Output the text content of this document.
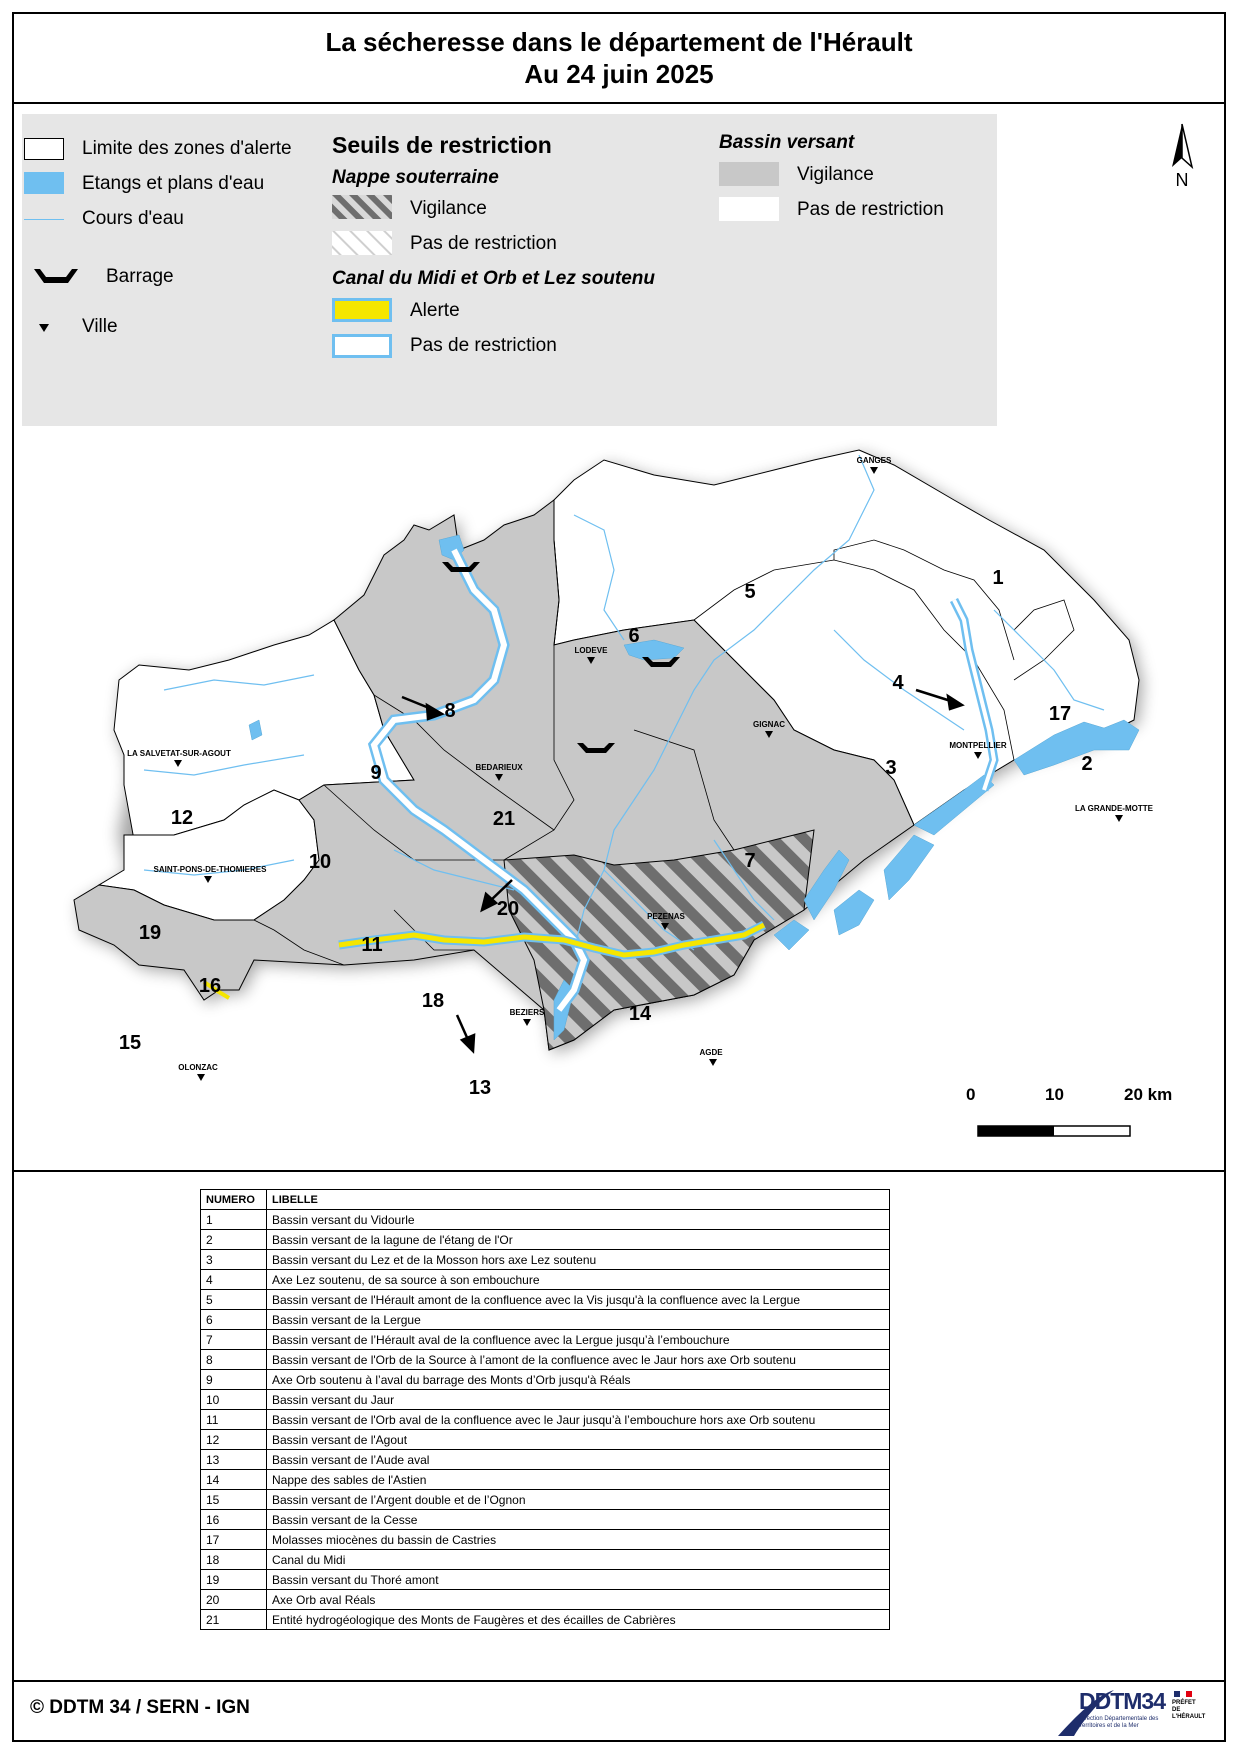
La sécheresse dans le département de l'Hérault
Au 24 juin 2025
Limite des zones d'alerte
Etangs et plans d'eau
Cours d'eau
Barrage
Ville
Seuils de restriction
Nappe souterraine
Vigilance
Pas de restriction
Canal du Midi et Orb et Lez soutenu
Alerte
Pas de restriction
Bassin versant
Vigilance
Pas de restriction
N
GANGES
LODEVE
GIGNAC
BEDARIEUX
MONTPELLIER
LA GRANDE-MOTTE
LA SALVETAT-SUR-AGOUT
SAINT-PONS-DE-THOMIERES
PEZENAS
BEZIERS
AGDE
OLONZAC
1
2
3
4
5
6
7
8
9
10
11
12
13
14
15
16
17
18
19
20
21
0	10	20 km
NUMERO	LIBELLE
1	Bassin versant du Vidourle
2	Bassin versant de la lagune de l'étang de l'Or
3	Bassin versant du Lez et de la Mosson hors axe Lez soutenu
4	Axe Lez soutenu, de sa source à son embouchure
5	Bassin versant de l'Hérault amont de la confluence avec la Vis jusqu'à la confluence avec la Lergue
6	Bassin versant de la Lergue
7	Bassin versant de l’Hérault aval de la confluence avec la Lergue jusqu’à l’embouchure
8	Bassin versant de l'Orb de la Source à l’amont de la confluence avec le Jaur hors axe Orb soutenu
9	Axe Orb soutenu à l’aval du barrage des Monts d’Orb jusqu'à Réals
10	Bassin versant du Jaur
11	Bassin versant de l'Orb aval de la confluence avec le Jaur jusqu’à l’embouchure hors axe Orb soutenu
12	Bassin versant de l'Agout
13	Bassin versant de l’Aude aval
14	Nappe des sables de l'Astien
15	Bassin versant de l’Argent double et de l’Ognon
16	Bassin versant de la Cesse
17	Molasses miocènes du bassin de Castries
18	Canal du Midi
19	Bassin versant du Thoré amont
20	Axe Orb aval Réals
21	Entité hydrogéologique des Monts de Faugères et des écailles de Cabrières
© DDTM 34 / SERN - IGN	DDTM34
Direction Départementale des Territoires et de la Mer
PRÉFET DE L'HÉRAULT
